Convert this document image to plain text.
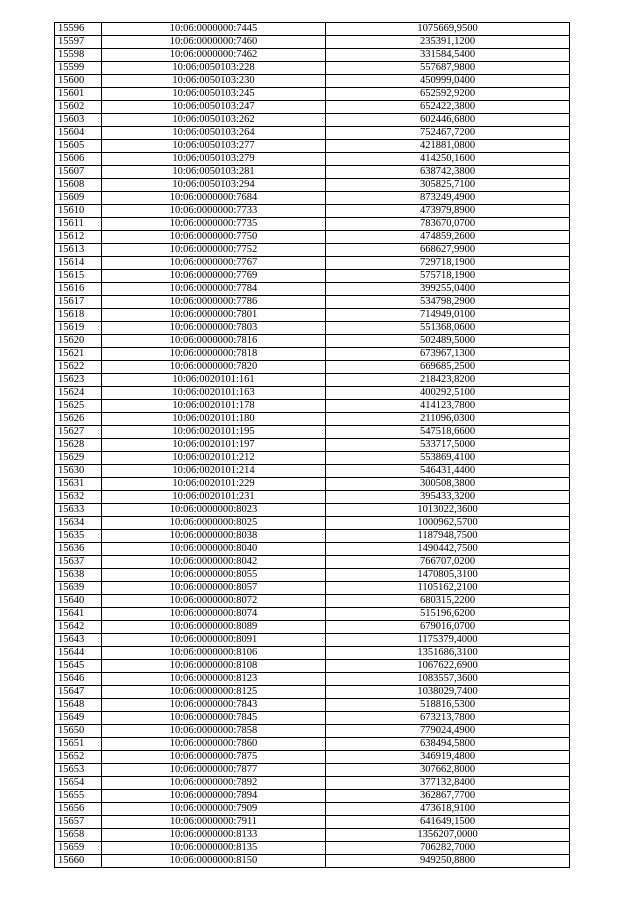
15596	10:06:0000000:7445	1075669,9500
15597	10:06:0000000:7460	235391,1200
15598	10:06:0000000:7462	331584,5400
15599	10:06:0050103:228	557687,9800
15600	10:06:0050103:230	450999,0400
15601	10:06:0050103:245	652592,9200
15602	10:06:0050103:247	652422,3800
15603	10:06:0050103:262	602446,6800
15604	10:06:0050103:264	752467,7200
15605	10:06:0050103:277	421881,0800
15606	10:06:0050103:279	414250,1600
15607	10:06:0050103:281	638742,3800
15608	10:06:0050103:294	305825,7100
15609	10:06:0000000:7684	873249,4900
15610	10:06:0000000:7733	473979,8900
15611	10:06:0000000:7735	783670,0700
15612	10:06:0000000:7750	474859,2600
15613	10:06:0000000:7752	668627,9900
15614	10:06:0000000:7767	729718,1900
15615	10:06:0000000:7769	575718,1900
15616	10:06:0000000:7784	399255,0400
15617	10:06:0000000:7786	534798,2900
15618	10:06:0000000:7801	714949,0100
15619	10:06:0000000:7803	551368,0600
15620	10:06:0000000:7816	502489,5000
15621	10:06:0000000:7818	673967,1300
15622	10:06:0000000:7820	669685,2500
15623	10:06:0020101:161	218423,8200
15624	10:06:0020101:163	400292,5100
15625	10:06:0020101:178	414123,7800
15626	10:06:0020101:180	211096,0300
15627	10:06:0020101:195	547518,6600
15628	10:06:0020101:197	533717,5000
15629	10:06:0020101:212	553869,4100
15630	10:06:0020101:214	546431,4400
15631	10:06:0020101:229	300508,3800
15632	10:06:0020101:231	395433,3200
15633	10:06:0000000:8023	1013022,3600
15634	10:06:0000000:8025	1000962,5700
15635	10:06:0000000:8038	1187948,7500
15636	10:06:0000000:8040	1490442,7500
15637	10:06:0000000:8042	766707,0200
15638	10:06:0000000:8055	1470805,3100
15639	10:06:0000000:8057	1105162,2100
15640	10:06:0000000:8072	680315,2200
15641	10:06:0000000:8074	515196,6200
15642	10:06:0000000:8089	679016,0700
15643	10:06:0000000:8091	1175379,4000
15644	10:06:0000000:8106	1351686,3100
15645	10:06:0000000:8108	1067622,6900
15646	10:06:0000000:8123	1083557,3600
15647	10:06:0000000:8125	1038029,7400
15648	10:06:0000000:7843	518816,5300
15649	10:06:0000000:7845	673213,7800
15650	10:06:0000000:7858	779024,4900
15651	10:06:0000000:7860	638494,5800
15652	10:06:0000000:7875	346919,4800
15653	10:06:0000000:7877	307662,8000
15654	10:06:0000000:7892	377132,8400
15655	10:06:0000000:7894	362867,7700
15656	10:06:0000000:7909	473618,9100
15657	10:06:0000000:7911	641649,1500
15658	10:06:0000000:8133	1356207,0000
15659	10:06:0000000:8135	706282,7000
15660	10:06:0000000:8150	949250,8800
